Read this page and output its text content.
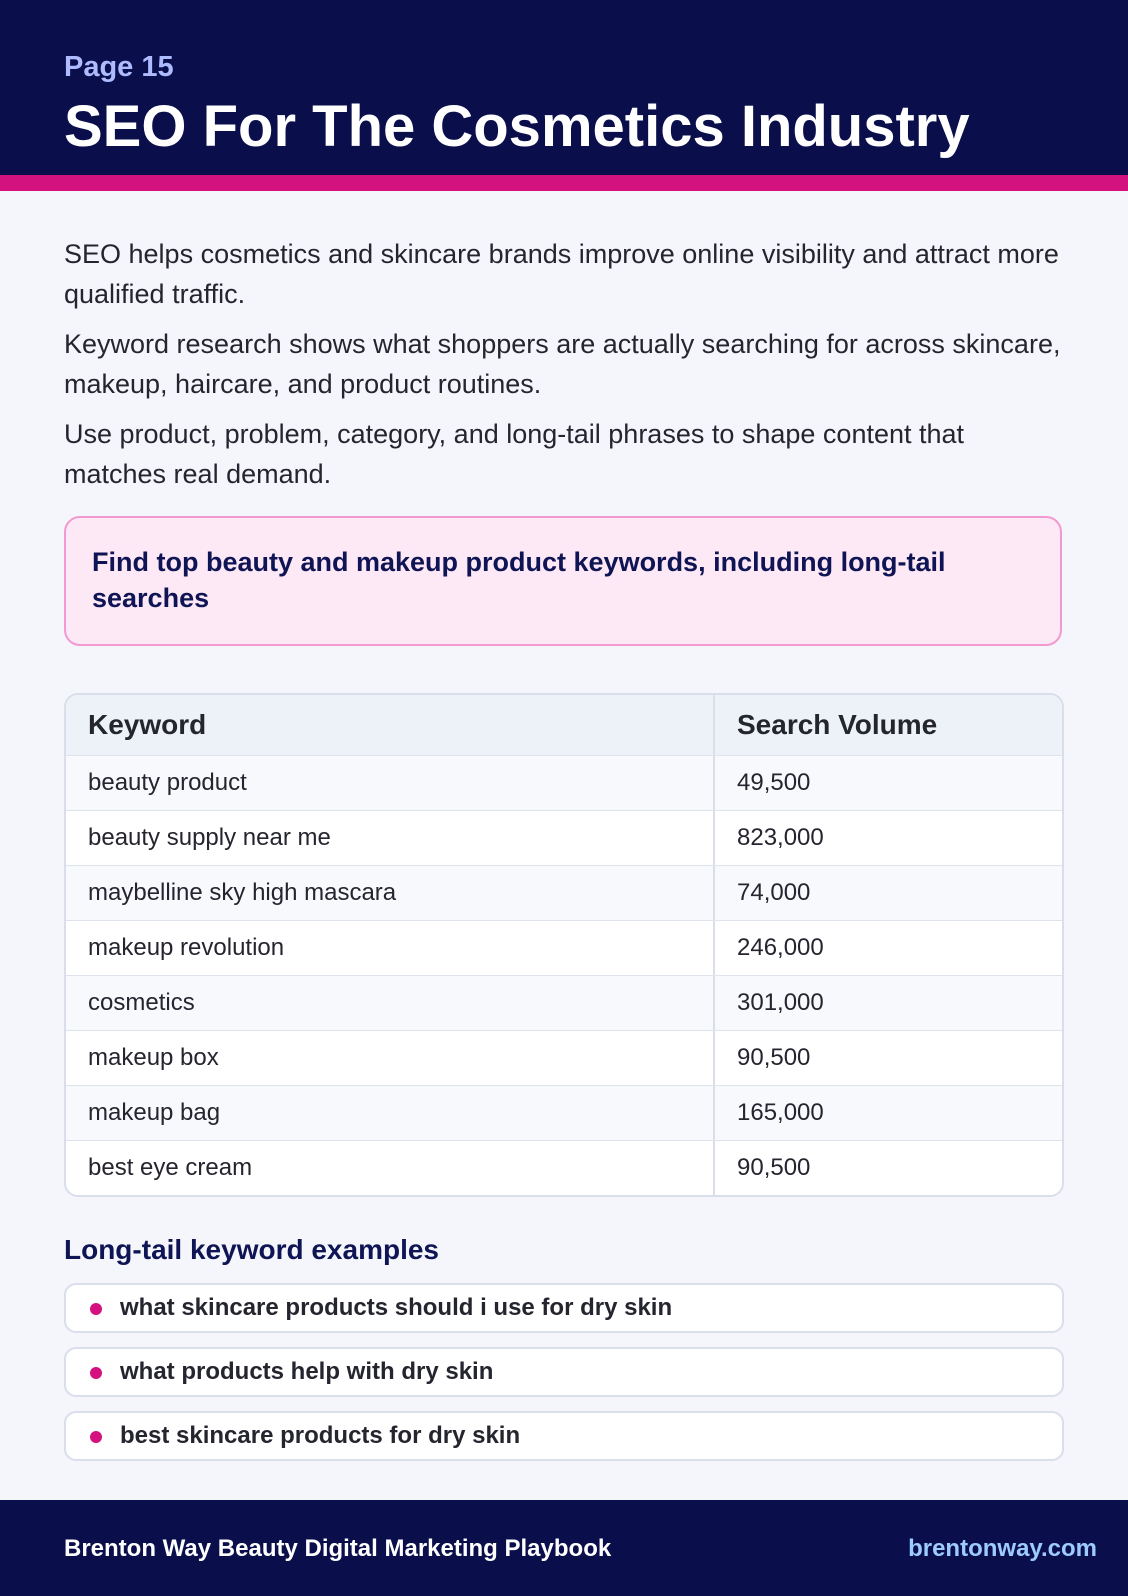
Page 15
SEO For The Cosmetics Industry

SEO helps cosmetics and skincare brands improve online visibility and attract more qualified traffic.

Keyword research shows what shoppers are actually searching for across skincare, makeup, haircare, and product routines.

Use product, problem, category, and long-tail phrases to shape content that matches real demand.

Find top beauty and makeup product keywords, including long-tail searches
Keyword	Search Volume
beauty product	49,500
beauty supply near me	823,000
maybelline sky high mascara	74,000
makeup revolution	246,000
cosmetics	301,000
makeup box	90,500
makeup bag	165,000
best eye cream	90,500
Long-tail keyword examples
what skincare products should i use for dry skin
what products help with dry skin
best skincare products for dry skin
Brenton Way Beauty Digital Marketing Playbook	brentonway.com
